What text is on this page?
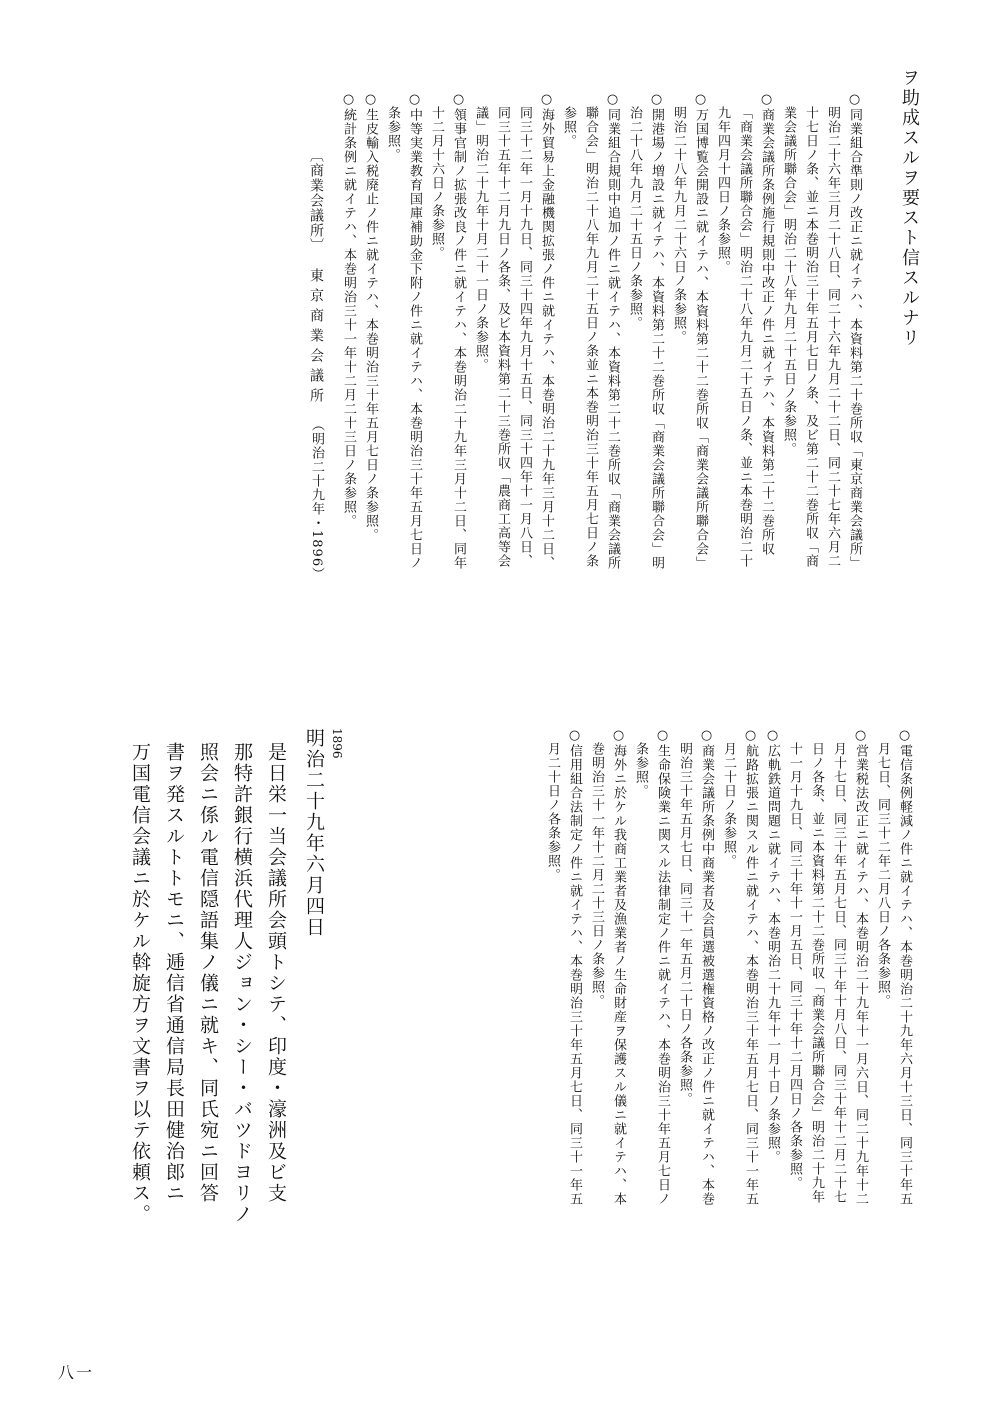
ヲ助成スルヲ要スト信スルナリ

○同業組合準則ノ改正ニ就イテハ、本資料第二十巻所収「東京商業会議所」

明治二十六年三月二十八日、同二十六年九月二十二日、同二十七年六月二

十七日ノ条、並ニ本巻明治三十年五月七日ノ条、及ビ第二十二巻所収「商

業会議所聯合会」明治二十八年九月二十五日ノ条参照。

○商業会議所条例施行規則中改正ノ件ニ就イテハ、本資料第二十二巻所収

「商業会議所聯合会」明治二十八年九月二十五日ノ条、並ニ本巻明治二十

九年四月十四日ノ条参照。

○万国博覧会開設ニ就イテハ、本資料第二十二巻所収「商業会議所聯合会」

明治二十八年九月二十六日ノ条参照。

○開港場ノ増設ニ就イテハ、本資料第二十二巻所収「商業会議所聯合会」明

治二十八年九月二十五日ノ条参照。

○同業組合規則中追加ノ件ニ就イテハ、本資料第二十二巻所収「商業会議所

聯合会」明治二十八年九月二十五日ノ条並ニ本巻明治三十年五月七日ノ条

参照。

○海外貿易上金融機関拡張ノ件ニ就イテハ、本巻明治二十九年三月十二日、

同三十二年一月十九日、同三十四年九月十五日、同三十四年十一月八日、

同三十五年十二月九日ノ各条、及ビ本資料第二十三巻所収「農商工高等会

議」明治二十九年十月二十一日ノ条参照。

○領事官制ノ拡張改良ノ件ニ就イテハ、本巻明治二十九年三月十二日、同年

十二月十六日ノ条参照。

○中等実業教育国庫補助金下附ノ件ニ就イテハ、本巻明治三十年五月七日ノ

条参照。

○生皮輸入税廃止ノ件ニ就イテハ、本巻明治三十年五月七日ノ条参照。

○統計条例ニ就イテハ、本巻明治三十一年十二月二十三日ノ条参照。

〔商業会議所〕

東京商業会議所

（明治二十九年・1896）

○電信条例軽減ノ件ニ就イテハ、本巻明治二十九年六月十三日、同三十年五

月七日、同三十二年二月八日ノ各条参照。

○営業税法改正ニ就イテハ、本巻明治二十九年十一月六日、同二十九年十二

月十七日、同三十年五月七日、同三十年十月八日、同三十年十二月二十七

日ノ各条、並ニ本資料第二十二巻所収「商業会議所聯合会」明治二十九年

十一月十九日、同三十年十一月五日、同三十年十二月四日ノ各条参照。

○広軌鉄道問題ニ就イテハ、本巻明治二十九年十一月十日ノ条参照。

○航路拡張ニ関スル件ニ就イテハ、本巻明治三十年五月七日、同三十一年五

月二十日ノ条参照。

○商業会議所条例中商業者及会員選被選権資格ノ改正ノ件ニ就イテハ、本巻

明治三十年五月七日、同三十一年五月二十日ノ各条参照。

○生命保険業ニ関スル法律制定ノ件ニ就イテハ、本巻明治三十年五月七日ノ

条参照。

○海外ニ於ケル我商工業者及漁業者ノ生命財産ヲ保護スル儀ニ就イテハ、本

巻明治三十一年十二月二十三日ノ条参照。

○信用組合法制定ノ件ニ就イテハ、本巻明治三十年五月七日、同三十一年五

月二十日ノ各条参照。

1896

明治二十九年六月四日

是日栄一当会議所会頭トシテ、印度・濠洲及ビ支

那特許銀行横浜代理人ジョン・シー・バツドヨリノ

照会ニ係ル電信隠語集ノ儀ニ就キ、同氏宛ニ回答

書ヲ発スルトトモニ、逓信省通信局長田健治郎ニ

万国電信会議ニ於ケル斡旋方ヲ文書ヲ以テ依頼ス。

八一
